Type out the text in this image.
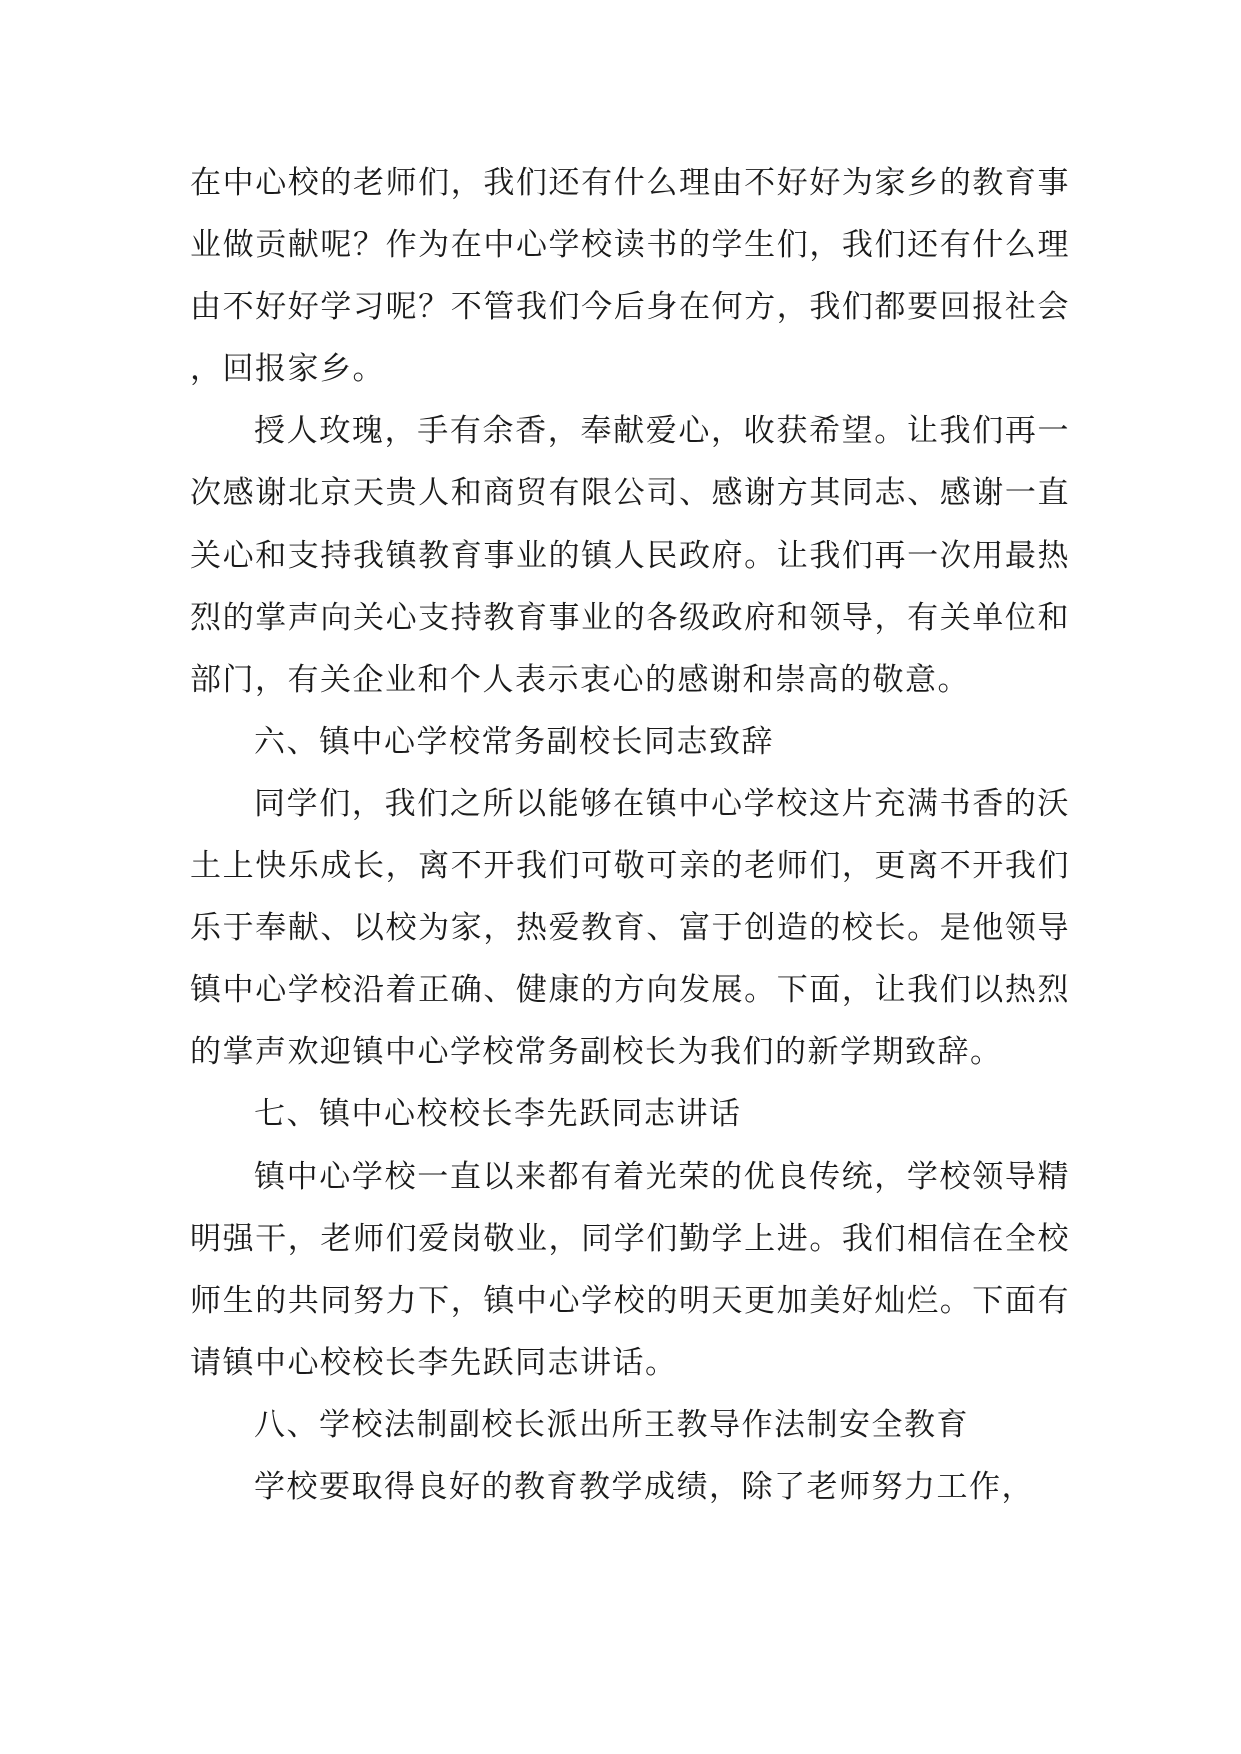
在中心校的老师们，我们还有什么理由不好好为家乡的教育事业做贡献呢？作为在中心学校读书的学生们，我们还有什么理由不好好学习呢？不管我们今后身在何方，我们都要回报社会，回报家乡。

授人玫瑰，手有余香，奉献爱心，收获希望。让我们再一次感谢北京天贵人和商贸有限公司、感谢方其同志、感谢一直关心和支持我镇教育事业的镇人民政府。让我们再一次用最热烈的掌声向关心支持教育事业的各级政府和领导，有关单位和部门，有关企业和个人表示衷心的感谢和崇高的敬意。

六、镇中心学校常务副校长同志致辞

同学们，我们之所以能够在镇中心学校这片充满书香的沃土上快乐成长，离不开我们可敬可亲的老师们，更离不开我们乐于奉献、以校为家，热爱教育、富于创造的校长。是他领导镇中心学校沿着正确、健康的方向发展。下面，让我们以热烈的掌声欢迎镇中心学校常务副校长为我们的新学期致辞。

七、镇中心校校长李先跃同志讲话

镇中心学校一直以来都有着光荣的优良传统，学校领导精明强干，老师们爱岗敬业，同学们勤学上进。我们相信在全校师生的共同努力下，镇中心学校的明天更加美好灿烂。下面有请镇中心校校长李先跃同志讲话。

八、学校法制副校长派出所王教导作法制安全教育

学校要取得良好的教育教学成绩，除了老师努力工作，
